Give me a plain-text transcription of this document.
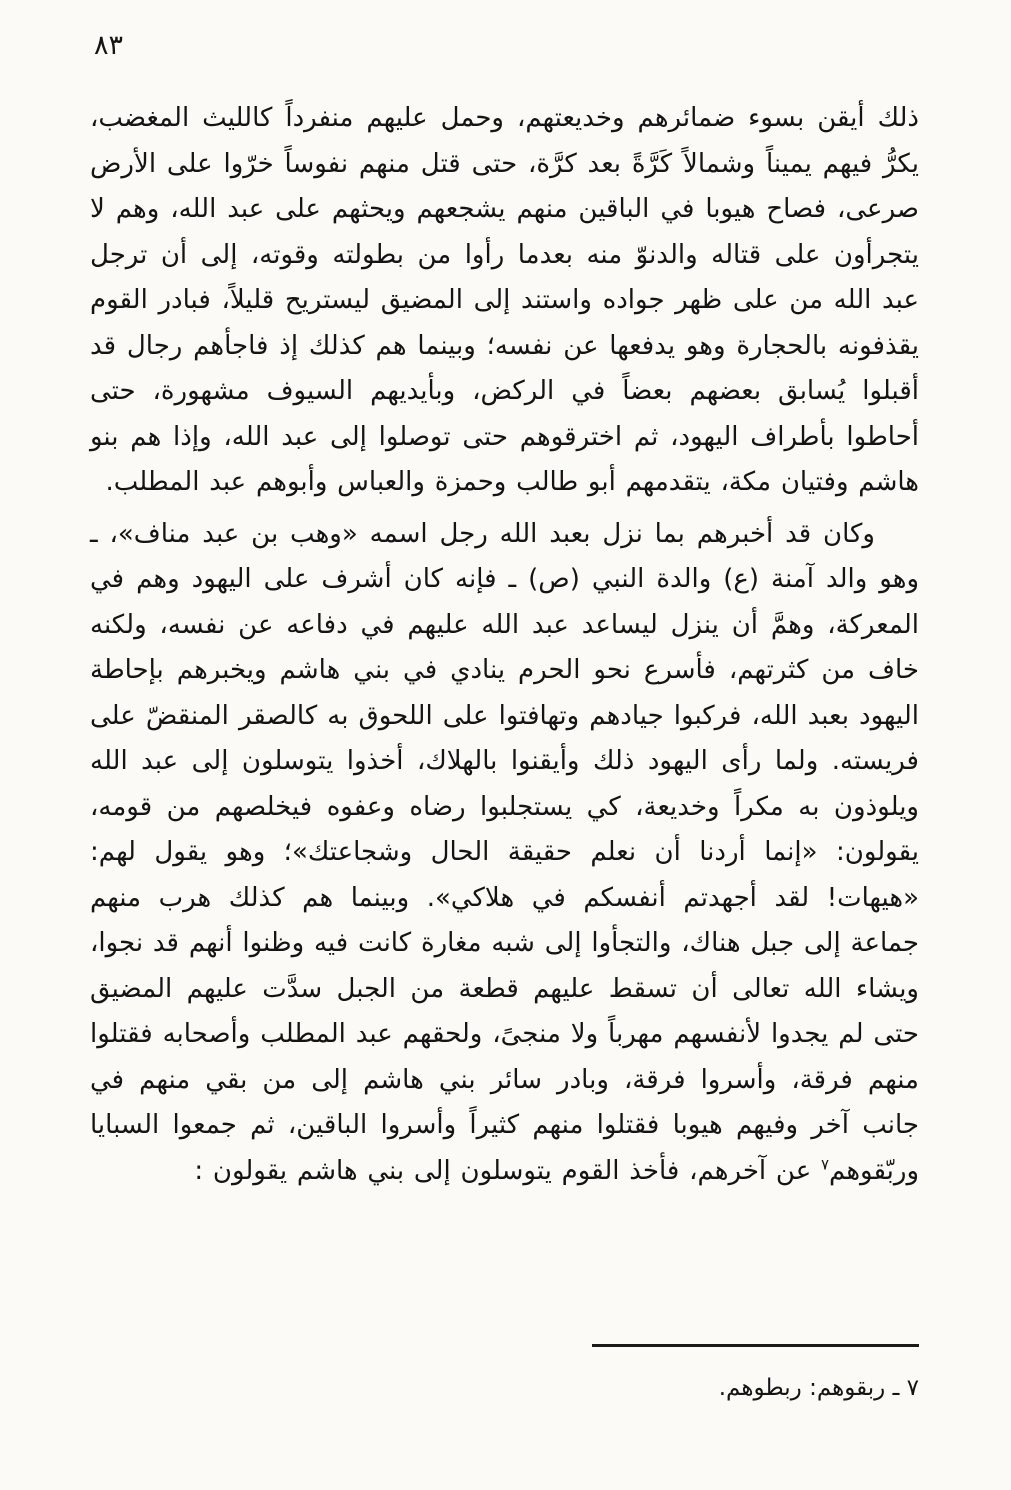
٨٣

ذلك أيقن بسوء ضمائرهم وخديعتهم، وحمل عليهم منفرداً كالليث المغضب، يكرُّ فيهم يميناً وشمالاً كَرَّةً بعد كرَّة، حتى قتل منهم نفوساً خرّوا على الأرض صرعى، فصاح هيوبا في الباقين منهم يشجعهم ويحثهم على عبد الله، وهم لا يتجرأون على قتاله والدنوّ منه بعدما رأوا من بطولته وقوته، إلى أن ترجل عبد الله من على ظهر جواده واستند إلى المضيق ليستريح قليلاً، فبادر القوم يقذفونه بالحجارة وهو يدفعها عن نفسه؛ وبينما هم كذلك إذ فاجأهم رجال قد أقبلوا يُسابق بعضهم بعضاً في الركض، وبأيديهم السيوف مشهورة، حتى أحاطوا بأطراف اليهود، ثم اخترقوهم حتى توصلوا إلى عبد الله، وإذا هم بنو هاشم وفتيان مكة، يتقدمهم أبو طالب وحمزة والعباس وأبوهم عبد المطلب.

وكان قد أخبرهم بما نزل بعبد الله رجل اسمه «وهب بن عبد مناف»، ـ وهو والد آمنة (ع) والدة النبي (ص) ـ فإنه كان أشرف على اليهود وهم في المعركة، وهمَّ أن ينزل ليساعد عبد الله عليهم في دفاعه عن نفسه، ولكنه خاف من كثرتهم، فأسرع نحو الحرم ينادي في بني هاشم ويخبرهم بإحاطة اليهود بعبد الله، فركبوا جيادهم وتهافتوا على اللحوق به كالصقر المنقضّ على فريسته. ولما رأى اليهود ذلك وأيقنوا بالهلاك، أخذوا يتوسلون إلى عبد الله ويلوذون به مكراً وخديعة، كي يستجلبوا رضاه وعفوه فيخلصهم من قومه، يقولون: «إنما أردنا أن نعلم حقيقة الحال وشجاعتك»؛ وهو يقول لهم: «هيهات! لقد أجهدتم أنفسكم في هلاكي». وبينما هم كذلك هرب منهم جماعة إلى جبل هناك، والتجأوا إلى شبه مغارة كانت فيه وظنوا أنهم قد نجوا، ويشاء الله تعالى أن تسقط عليهم قطعة من الجبل سدَّت عليهم المضيق حتى لم يجدوا لأنفسهم مهرباً ولا منجىً، ولحقهم عبد المطلب وأصحابه فقتلوا منهم فرقة، وأسروا فرقة، وبادر سائر بني هاشم إلى من بقي منهم في جانب آخر وفيهم هيوبا فقتلوا منهم كثيراً وأسروا الباقين، ثم جمعوا السبايا وربّقوهم$^٧$ عن آخرهم، فأخذ القوم يتوسلون إلى بني هاشم يقولون :

٧ ـ ربقوهم: ربطوهم.
